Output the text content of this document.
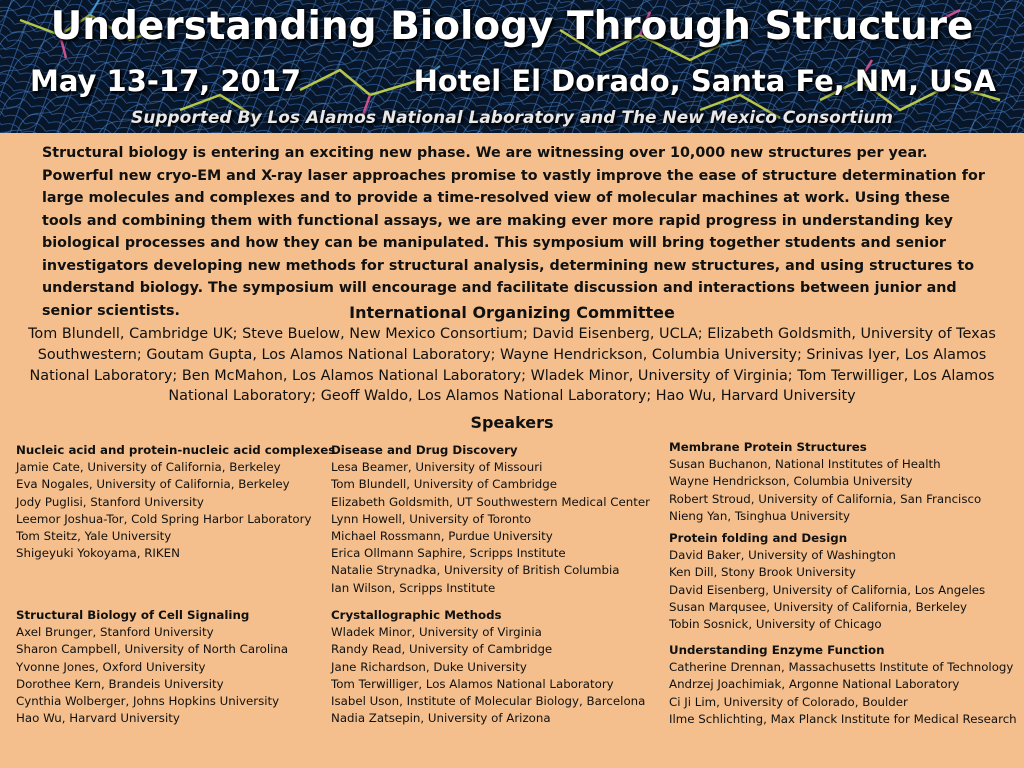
Understanding Biology Through Structure
May 13-17, 2017	Hotel El Dorado, Santa Fe, NM, USA
Supported By Los Alamos National Laboratory and The New Mexico Consortium
Structural biology is entering an exciting new phase. We are witnessing over 10,000 new structures per year. Powerful new cryo-EM and X-ray laser approaches promise to vastly improve the ease of structure determination for large molecules and complexes and to provide a time-resolved view of molecular machines at work. Using these tools and combining them with functional assays, we are making ever more rapid progress in understanding key biological processes and how they can be manipulated. This symposium will bring together students and senior investigators developing new methods for structural analysis, determining new structures, and using structures to understand biology. The symposium will encourage and facilitate discussion and interactions between junior and senior scientists.	International Organizing Committee
Tom Blundell, Cambridge UK; Steve Buelow, New Mexico Consortium; David Eisenberg, UCLA; Elizabeth Goldsmith, University of Texas Southwestern; Goutam Gupta, Los Alamos National Laboratory; Wayne Hendrickson, Columbia University; Srinivas Iyer, Los Alamos National Laboratory; Ben McMahon, Los Alamos National Laboratory; Wladek Minor, University of Virginia; Tom Terwilliger, Los Alamos National Laboratory; Geoff Waldo, Los Alamos National Laboratory; Hao Wu, Harvard University
Speakers
Nucleic acid and protein-nucleic acid complexes
Jamie Cate, University of California, Berkeley
Eva Nogales, University of California, Berkeley
Jody Puglisi, Stanford University
Leemor Joshua-Tor, Cold Spring Harbor Laboratory
Tom Steitz, Yale University
Shigeyuki Yokoyama, RIKEN
Structural Biology of Cell Signaling
Axel Brunger, Stanford University
Sharon Campbell, University of North Carolina
Yvonne Jones, Oxford University
Dorothee Kern, Brandeis University
Cynthia Wolberger, Johns Hopkins University
Hao Wu, Harvard University
Disease and Drug Discovery
Lesa Beamer, University of Missouri
Tom Blundell, University of Cambridge
Elizabeth Goldsmith, UT Southwestern Medical Center
Lynn Howell, University of Toronto
Michael Rossmann, Purdue University
Erica Ollmann Saphire, Scripps Institute
Natalie Strynadka, University of British Columbia
Ian Wilson, Scripps Institute
Crystallographic Methods
Wladek Minor, University of Virginia
Randy Read, University of Cambridge
Jane Richardson, Duke University
Tom Terwilliger, Los Alamos National Laboratory
Isabel Uson, Institute of Molecular Biology, Barcelona
Nadia Zatsepin, University of Arizona
Membrane Protein Structures
Susan Buchanon, National Institutes of Health
Wayne Hendrickson, Columbia University
Robert Stroud, University of California, San Francisco
Nieng Yan, Tsinghua University
Protein folding and Design
David Baker, University of Washington
Ken Dill, Stony Brook University
David Eisenberg, University of California, Los Angeles
Susan Marqusee, University of California, Berkeley
Tobin Sosnick, University of Chicago
Understanding Enzyme Function
Catherine Drennan, Massachusetts Institute of Technology
Andrzej Joachimiak, Argonne National Laboratory
Ci Ji Lim, University of Colorado, Boulder
Ilme Schlichting, Max Planck Institute for Medical Research
